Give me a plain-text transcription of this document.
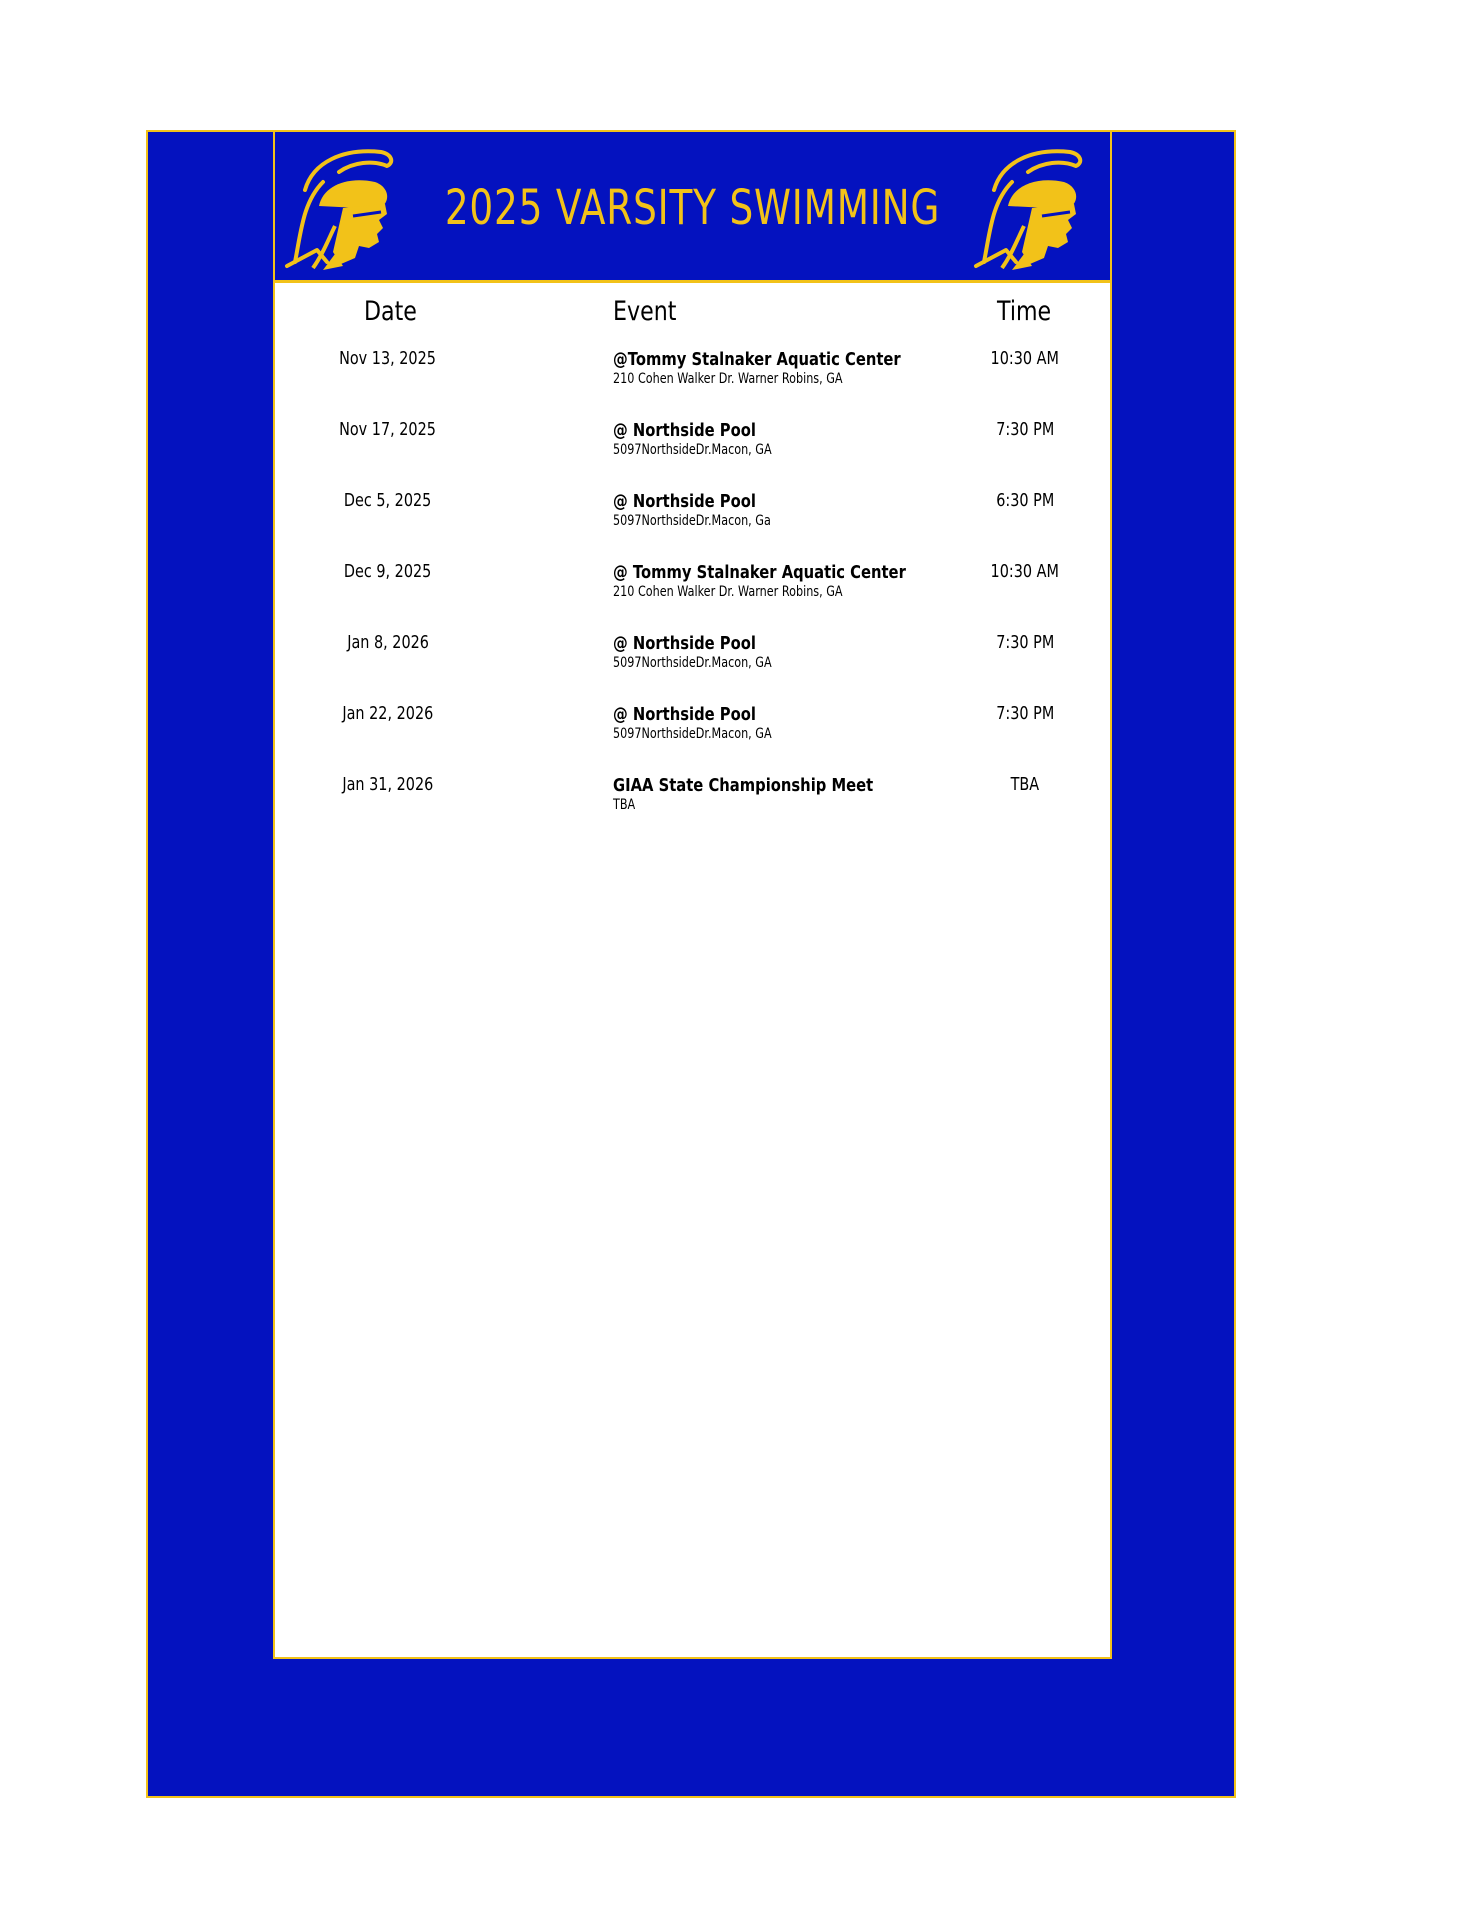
2025 VARSITY SWIMMING
Date	Event	Time
Nov 13, 2025	@Tommy Stalnaker Aquatic Center
210 Cohen Walker Dr. Warner Robins, GA
10:30 AM
Nov 17, 2025	@ Northside Pool
5097NorthsideDr.Macon, GA
7:30 PM
Dec 5, 2025	@ Northside Pool
5097NorthsideDr.Macon, Ga
6:30 PM
Dec 9, 2025	@ Tommy Stalnaker Aquatic Center
210 Cohen Walker Dr. Warner Robins, GA
10:30 AM
Jan 8, 2026	@ Northside Pool
5097NorthsideDr.Macon, GA
7:30 PM
Jan 22, 2026	@ Northside Pool
5097NorthsideDr.Macon, GA
7:30 PM
Jan 31, 2026	GIAA State Championship Meet
TBA
TBA
